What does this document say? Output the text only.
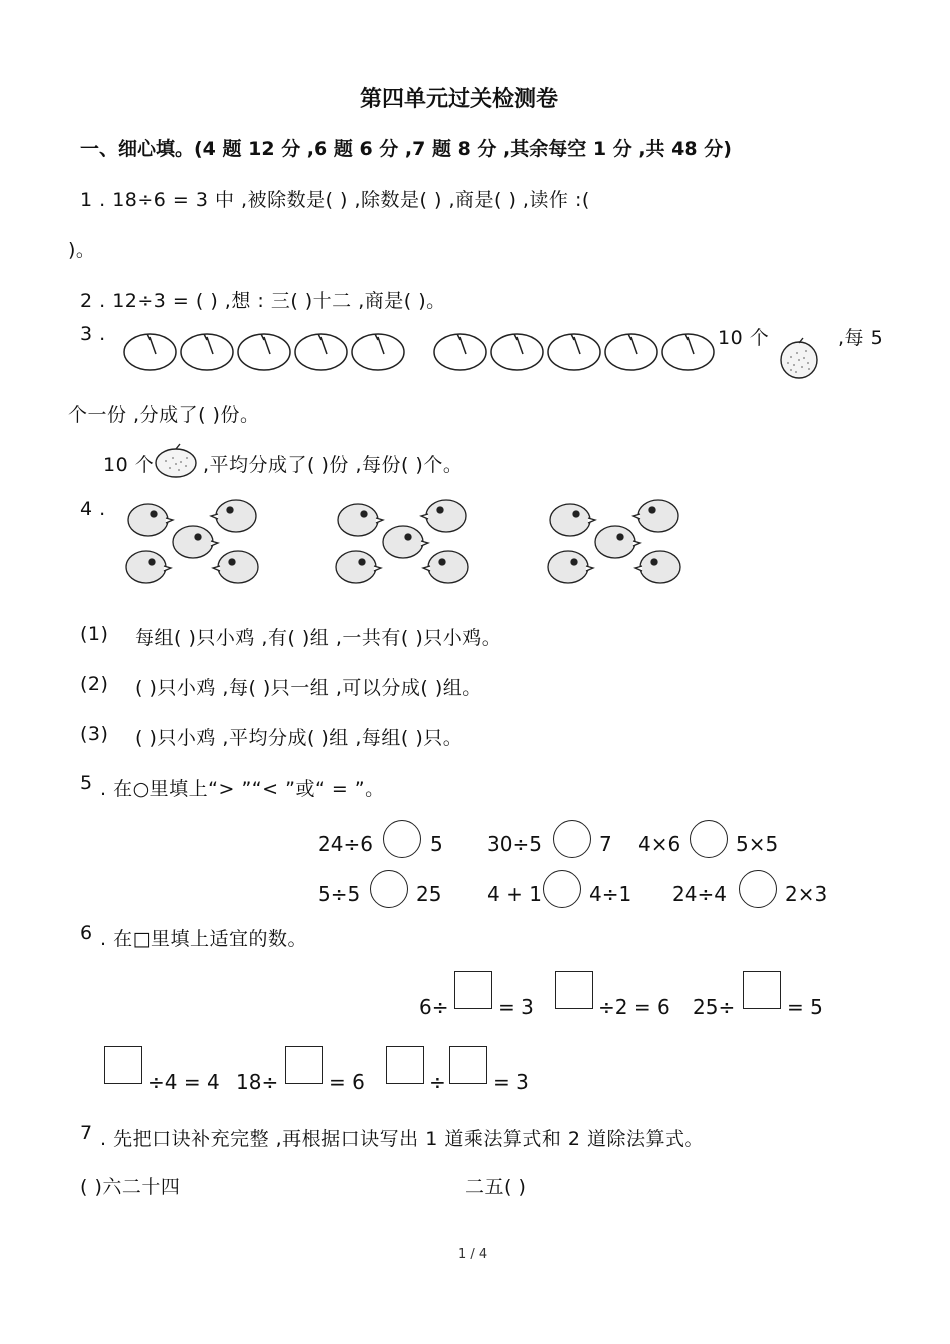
第四单元过关检测卷
一、细心填。(4 题 12 分 ,6 题 6 分 ,7 题 8 分 ,其余每空 1 分 ,共 48 分)
1 . 18÷6 = 3 中 ,被除数是( ) ,除数是( ) ,商是( ) ,读作 :(
)。
2 . 12÷3 = ( ) ,想 : 三( )十二 ,商是( )。
3 .	10 个	,每 5
个一份 ,分成了( )份。
10 个	,平均分成了( )份 ,每份( )个。
4 .
(1) 每组( )只小鸡 ,有( )组 ,一共有( )只小鸡。
(2) ( )只小鸡 ,每( )只一组 ,可以分成( )组。
(3) ( )只小鸡 ,平均分成( )组 ,每组( )只。
5 . 在○里填上“> ”“< ”或“ = ”。
24÷6	5 30÷5	7 4×6	5×5
5÷5	25 4 + 1 4÷1 24÷4	2×3
6 . 在□里填上适宜的数。
6÷ = 3	÷2 = 6 25÷	= 5
÷4 = 4 18÷	= 6	÷ = 3
7 . 先把口诀补充完整 ,再根据口诀写出 1 道乘法算式和 2 道除法算式。
( )六二十四	二五( )
1 / 4
